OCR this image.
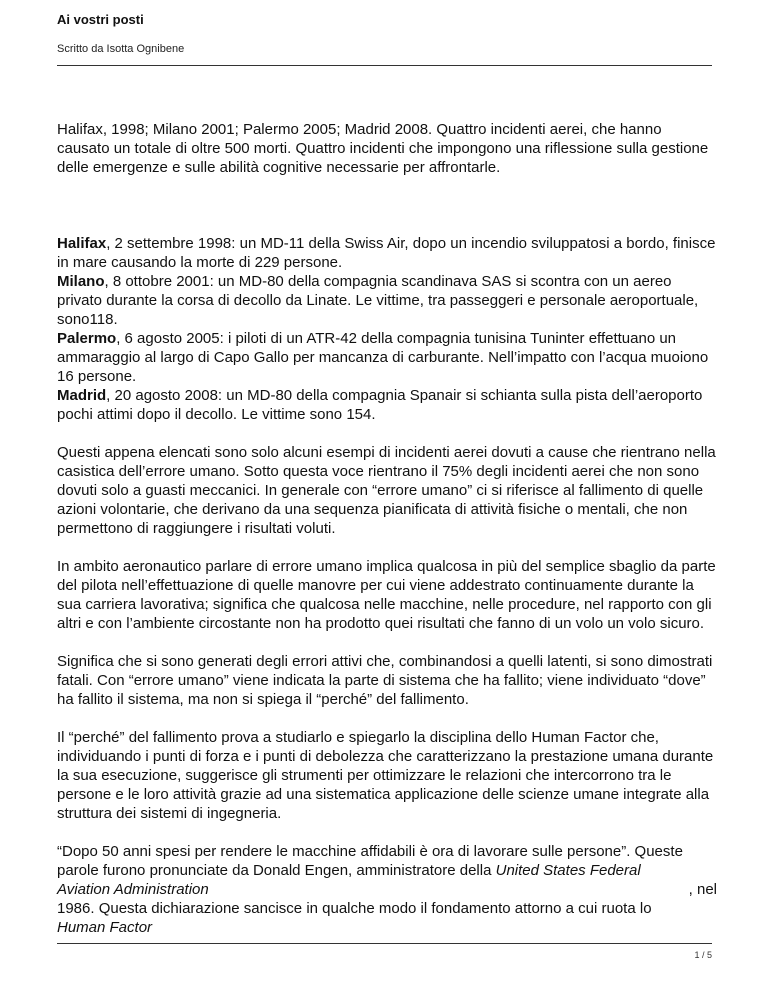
Ai vostri posti
Scritto da Isotta Ognibene

Halifax, 1998; Milano 2001; Palermo 2005; Madrid 2008. Quattro incidenti aerei, che hanno causato un totale di oltre 500 morti. Quattro incidenti che impongono una riflessione sulla gestione delle emergenze e sulle abilità cognitive necessarie per affrontarle.

Halifax, 2 settembre 1998: un MD-11 della Swiss Air, dopo un incendio sviluppatosi a bordo, finisce in mare causando la morte di 229 persone.
Milano, 8 ottobre 2001: un MD-80 della compagnia scandinava SAS si scontra con un aereo privato durante la corsa di decollo da Linate. Le vittime, tra passeggeri e personale aeroportuale, sono118.
Palermo, 6 agosto 2005: i piloti di un ATR-42 della compagnia tunisina Tuninter effettuano un ammaraggio al largo di Capo Gallo per mancanza di carburante. Nell’impatto con l’acqua muoiono 16 persone.
Madrid, 20 agosto 2008: un MD-80 della compagnia Spanair si schianta sulla pista dell’aeroporto pochi attimi dopo il decollo. Le vittime sono 154.

Questi appena elencati sono solo alcuni esempi di incidenti aerei dovuti a cause che rientrano nella casistica dell’errore umano. Sotto questa voce rientrano il 75% degli incidenti aerei che non sono dovuti solo a guasti meccanici. In generale con “errore umano” ci si riferisce al fallimento di quelle azioni volontarie, che derivano da una sequenza pianificata di attività fisiche o mentali, che non permettono di raggiungere i risultati voluti.

In ambito aeronautico parlare di errore umano implica qualcosa in più del semplice sbaglio da parte del pilota nell’effettuazione di quelle manovre per cui viene addestrato continuamente durante la sua carriera lavorativa; significa che qualcosa nelle macchine, nelle procedure, nel rapporto con gli altri e con l’ambiente circostante non ha prodotto quei risultati che fanno di un volo un volo sicuro.

Significa che si sono generati degli errori attivi che, combinandosi a quelli latenti, si sono dimostrati fatali. Con “errore umano” viene indicata la parte di sistema che ha fallito; viene individuato “dove” ha fallito il sistema, ma non si spiega il “perché” del fallimento.

Il “perché” del fallimento prova a studiarlo e spiegarlo la disciplina dello Human Factor che, individuando i punti di forza e i punti di debolezza che caratterizzano la prestazione umana durante la sua esecuzione, suggerisce gli strumenti per ottimizzare le relazioni che intercorrono tra le persone e le loro attività grazie ad una sistematica applicazione delle scienze umane integrate alla struttura dei sistemi di ingegneria.

“Dopo 50 anni spesi per rendere le macchine affidabili è ora di lavorare sulle persone”. Queste parole furono pronunciate da Donald Engen, amministratore della United States Federal
Aviation Administration	, nel
1986. Questa dichiarazione sancisce in qualche modo il fondamento attorno a cui ruota lo
Human Factor

1 / 5
